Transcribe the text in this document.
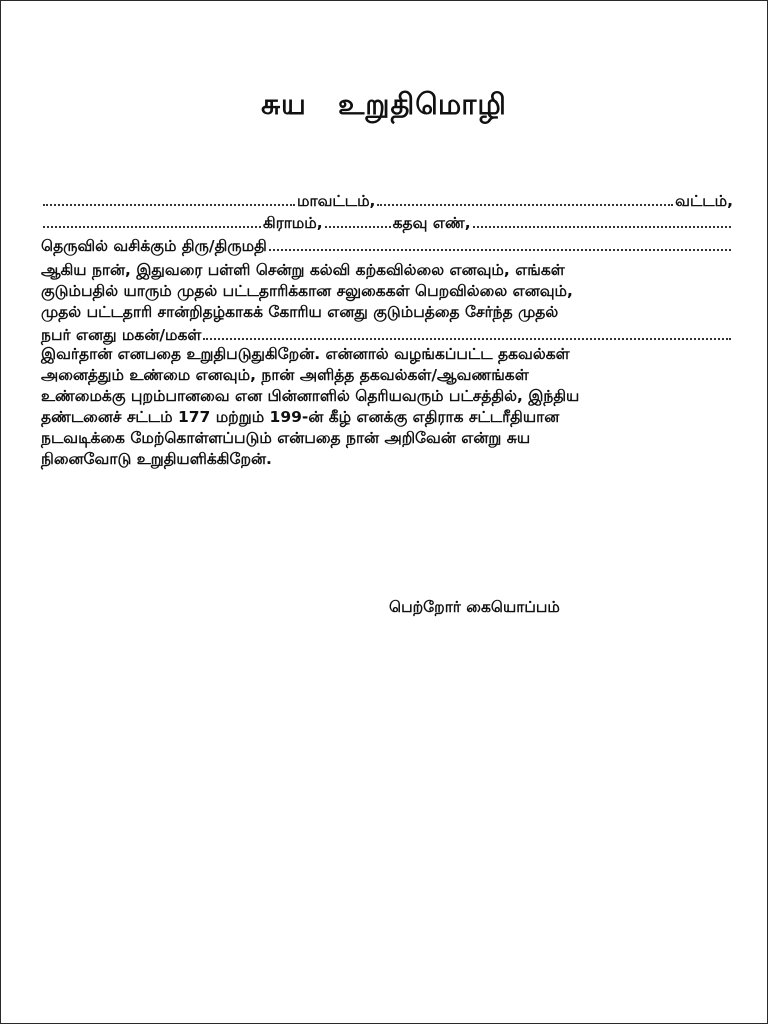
சுய உறுதிமொழி
மாவட்டம்,	வட்டம்,
கிராமம்,	கதவு எண்,
தெருவில் வசிக்கும் திரு/திருமதி
ஆகிய நான், இதுவரை பள்ளி சென்று கல்வி கற்கவில்லை எனவும், எங்கள்
குடும்பதில் யாரும் முதல் பட்டதாரிக்கான சலுகைகள் பெறவில்லை எனவும்,
முதல் பட்டதாரி சான்றிதழ்காகக் கோரிய எனது குடும்பத்தை சேர்ந்த முதல்
நபர் எனது மகன்/மகள்
இவர்தான் எனபதை உறுதிபடுதுகிறேன். என்னால் வழங்கப்பட்ட தகவல்கள்
அனைத்தும் உண்மை எனவும், நான் அளித்த தகவல்கள்/ஆவணங்கள்
உண்மைக்கு புறம்பானவை என பின்னாளில் தெரியவரும் பட்சத்தில், இந்திய
தண்டனைச் சட்டம் 177 மற்றும் 199-ன் கீழ் எனக்கு எதிராக சட்டரீதியான
நடவடிக்கை மேற்கொள்ளப்படும் என்பதை நான் அறிவேன் என்று சுய
நினைவோடு உறுதியளிக்கிறேன்.
பெற்றோர் கையொப்பம்
